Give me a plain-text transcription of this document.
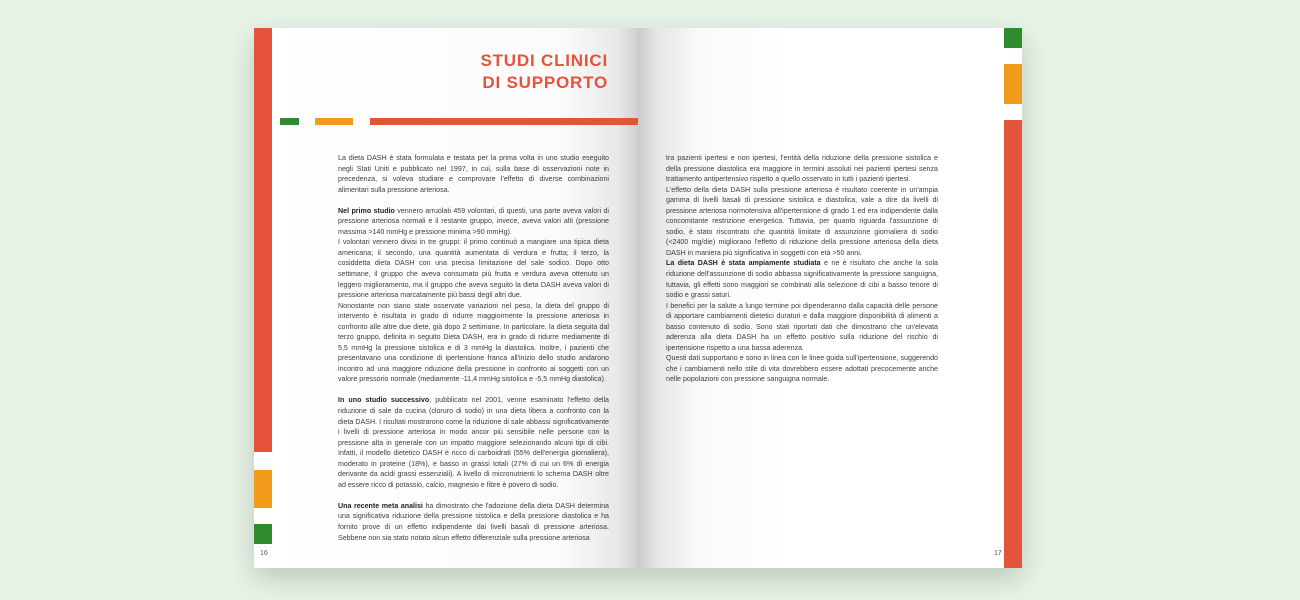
STUDI CLINICI
DI SUPPORTO

La dieta DASH è stata formulata e testata per la prima volta in uno studio eseguito negli Stati Uniti e pubblicato nel 1997, in cui, sulla base di osservazioni note in precedenza, si voleva studiare e comprovare l'effetto di diverse combinazioni alimentari sulla pressione arteriosa.

Nel primo studio vennero arruolati 459 volontari, di questi, una parte aveva valori di pressione arteriosa normali e il restante gruppo, invece, aveva valori alti (pressione massima >140 mmHg e pressione minima >90 mmHg).

I volontari vennero divisi in tre gruppi: il primo continuò a mangiare una tipica dieta americana; il secondo, una quantità aumentata di verdura e frutta; il terzo, la cosiddetta dieta DASH con una precisa limitazione del sale sodico. Dopo otto settimane, il gruppo che aveva consumato più frutta e verdura aveva ottenuto un leggero miglioramento, ma il gruppo che aveva seguito la dieta DASH aveva valori di pressione arteriosa marcatamente più bassi degli altri due.

Nonostante non siano state osservate variazioni nel peso, la dieta del gruppo di intervento è risultata in grado di ridurre maggiormente la pressione arteriosa in confronto alle altre due diete, già dopo 2 settimane. In particolare, la dieta seguita dal terzo gruppo, definita in seguito Dieta DASH, era in grado di ridurre mediamente di 5,5 mmHg la pressione sistolica e di 3 mmHg la diastolica. Inoltre, i pazienti che presentavano una condizione di ipertensione franca all'inizio dello studio andarono incontro ad una maggiore riduzione della pressione in confronto ai soggetti con un valore pressorio normale (mediamente -11,4 mmHg sistolica e -5,5 mmHg diastolica).

In uno studio successivo, pubblicato nel 2001, venne esaminato l'effetto della riduzione di sale da cucina (cloruro di sodio) in una dieta libera a confronto con la dieta DASH. I risultati mostrarono come la riduzione di sale abbassi significativamente i livelli di pressione arteriosa in modo ancor più sensibile nelle persone con la pressione alta in generale con un impatto maggiore selezionando alcuni tipi di cibi. Infatti, il modello dietetico DASH è ricco di carboidrati (55% dell'energia giornaliera), moderato in proteine (18%), e basso in grassi totali (27% di cui un 6% di energia derivante da acidi grassi essenziali). A livello di micronutrienti lo schema DASH oltre ad essere ricco di potassio, calcio, magnesio e fibre è povero di sodio.

Una recente meta analisi ha dimostrato che l'adozione della dieta DASH determina una significativa riduzione della pressione sistolica e della pressione diastolica e ha fornito prove di un effetto indipendente dai livelli basali di pressione arteriosa. Sebbene non sia stato notato alcun effetto differenziale sulla pressione arteriosa

16

tra pazienti ipertesi e non ipertesi, l'entità della riduzione della pressione sistolica e della pressione diastolica era maggiore in termini assoluti nei pazienti ipertesi senza trattamento antipertensivo rispetto a quello osservato in tutti i pazienti ipertesi.

L'effetto della dieta DASH sulla pressione arteriosa è risultato coerente in un'ampia gamma di livelli basali di pressione sistolica e diastolica, vale a dire da livelli di pressione arteriosa normotensiva all'ipertensione di grado 1 ed era indipendente dalla concomitante restrizione energetica. Tuttavia, per quanto riguarda l'assunzione di sodio, è stato riscontrato che quantità limitate di assunzione giornaliera di sodio (<2400 mg/die) migliorano l'effetto di riduzione della pressione arteriosa della dieta DASH in maniera più significativa in soggetti con età >50 anni.

La dieta DASH è stata ampiamente studiata e ne è risultato che anche la sola riduzione dell'assunzione di sodio abbassa significativamente la pressione sanguigna, tuttavia, gli effetti sono maggiori se combinati alla selezione di cibi a basso tenore di sodio e grassi saturi.

I benefici per la salute a lungo termine poi dipenderanno dalla capacità delle persone di apportare cambiamenti dietetici duraturi e dalla maggiore disponibilità di alimenti a basso contenuto di sodio. Sono stati riportati dati che dimostrano che un'elevata aderenza alla dieta DASH ha un effetto positivo sulla riduzione del rischio di ipertensione rispetto a una bassa aderenza.

Questi dati supportano e sono in linea con le linee guida sull'ipertensione, suggerendo che i cambiamenti nello stile di vita dovrebbero essere adottati precocemente anche nelle popolazioni con pressione sanguigna normale.

17
